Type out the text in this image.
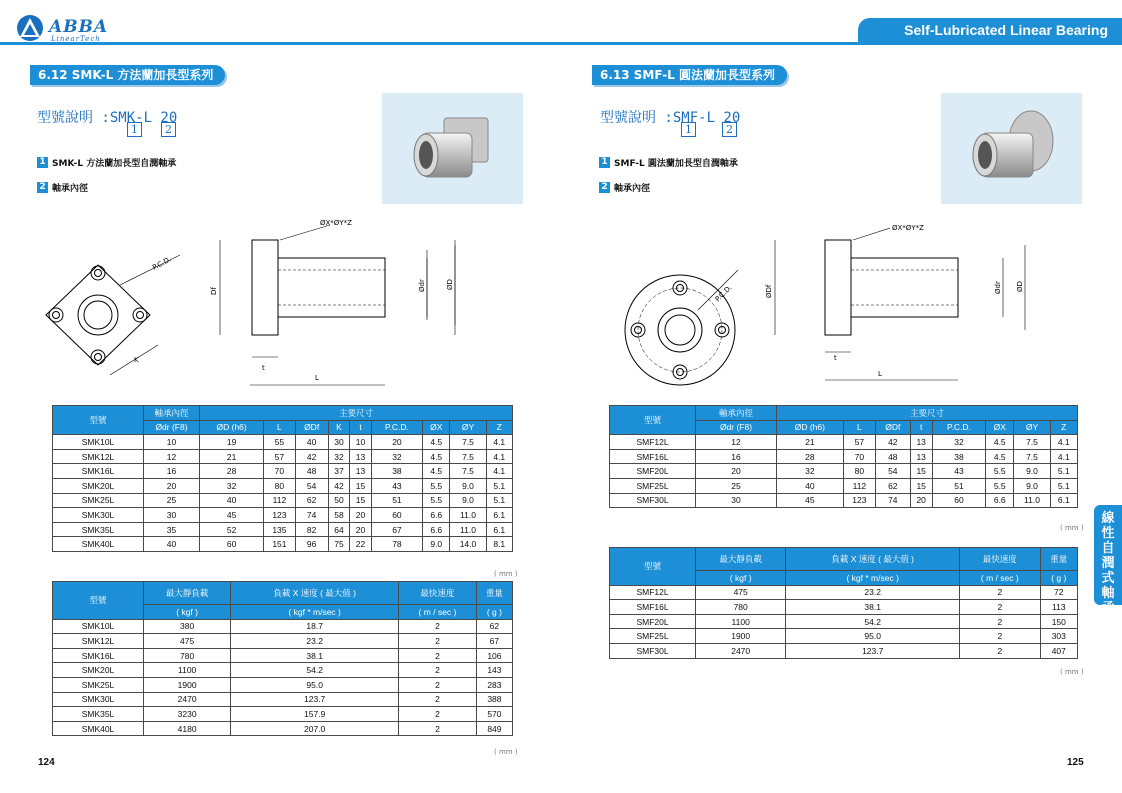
ABBA
LinearTech
Self-Lubricated Linear Bearing
6.12 SMK-L 方法蘭加長型系列
型號說明 :SMK-L 20
1	2
1 SMK-L 方法蘭加長型自潤軸承
2 軸承內徑
P.C.D.
K
ØX*ØY*Z
Df
t
L
Ødr	ØD
型號	軸承內徑	主要尺寸								
	Ødr (F8)	ØD (h6)	L	ØDf	K	t	P.C.D.	ØX	ØY	Z
SMK10L	10	19	55	40	30	10	20	4.5	7.5	4.1
SMK12L	12	21	57	42	32	13	32	4.5	7.5	4.1
SMK16L	16	28	70	48	37	13	38	4.5	7.5	4.1
SMK20L	20	32	80	54	42	15	43	5.5	9.0	5.1
SMK25L	25	40	112	62	50	15	51	5.5	9.0	5.1
SMK30L	30	45	123	74	58	20	60	6.6	11.0	6.1
SMK35L	35	52	135	82	64	20	67	6.6	11.0	6.1
SMK40L	40	60	151	96	75	22	78	9.0	14.0	8.1
( mm )
型號	最大靜負載	負載 X 速度 ( 最大值 )	最快速度	重量
	( kgf )	( kgf * m/sec )	( m / sec )	( g )
SMK10L	380	18.7	2	62
SMK12L	475	23.2	2	67
SMK16L	780	38.1	2	106
SMK20L	1100	54.2	2	143
SMK25L	1900	95.0	2	283
SMK30L	2470	123.7	2	388
SMK35L	3230	157.9	2	570
SMK40L	4180	207.0	2	849
( mm )
124
6.13 SMF-L 圓法蘭加長型系列
型號說明 :SMF-L 20
1	2
1 SMF-L 圓法蘭加長型自潤軸承
2 軸承內徑
P.C.D.
ØX*ØY*Z
ØDf	Ødr ØD
t
L
型號	軸承內徑	主要尺寸							
	Ødr (F8)	ØD (h6)	L	ØDf	t	P.C.D.	ØX	ØY	Z
SMF12L	12	21	57	42	13	32	4.5	7.5	4.1
SMF16L	16	28	70	48	13	38	4.5	7.5	4.1
SMF20L	20	32	80	54	15	43	5.5	9.0	5.1
SMF25L	25	40	112	62	15	51	5.5	9.0	5.1
SMF30L	30	45	123	74	20	60	6.6	11.0	6.1
( mm )
型號	最大靜負載	負載 X 速度 ( 最大值 )	最快速度	重量
	( kgf )	( kgf * m/sec )	( m / sec )	( g )
SMF12L	475	23.2	2	72
SMF16L	780	38.1	2	113
SMF20L	1100	54.2	2	150
SMF25L	1900	95.0	2	303
SMF30L	2470	123.7	2	407
( mm )
125
線性自潤式軸承
